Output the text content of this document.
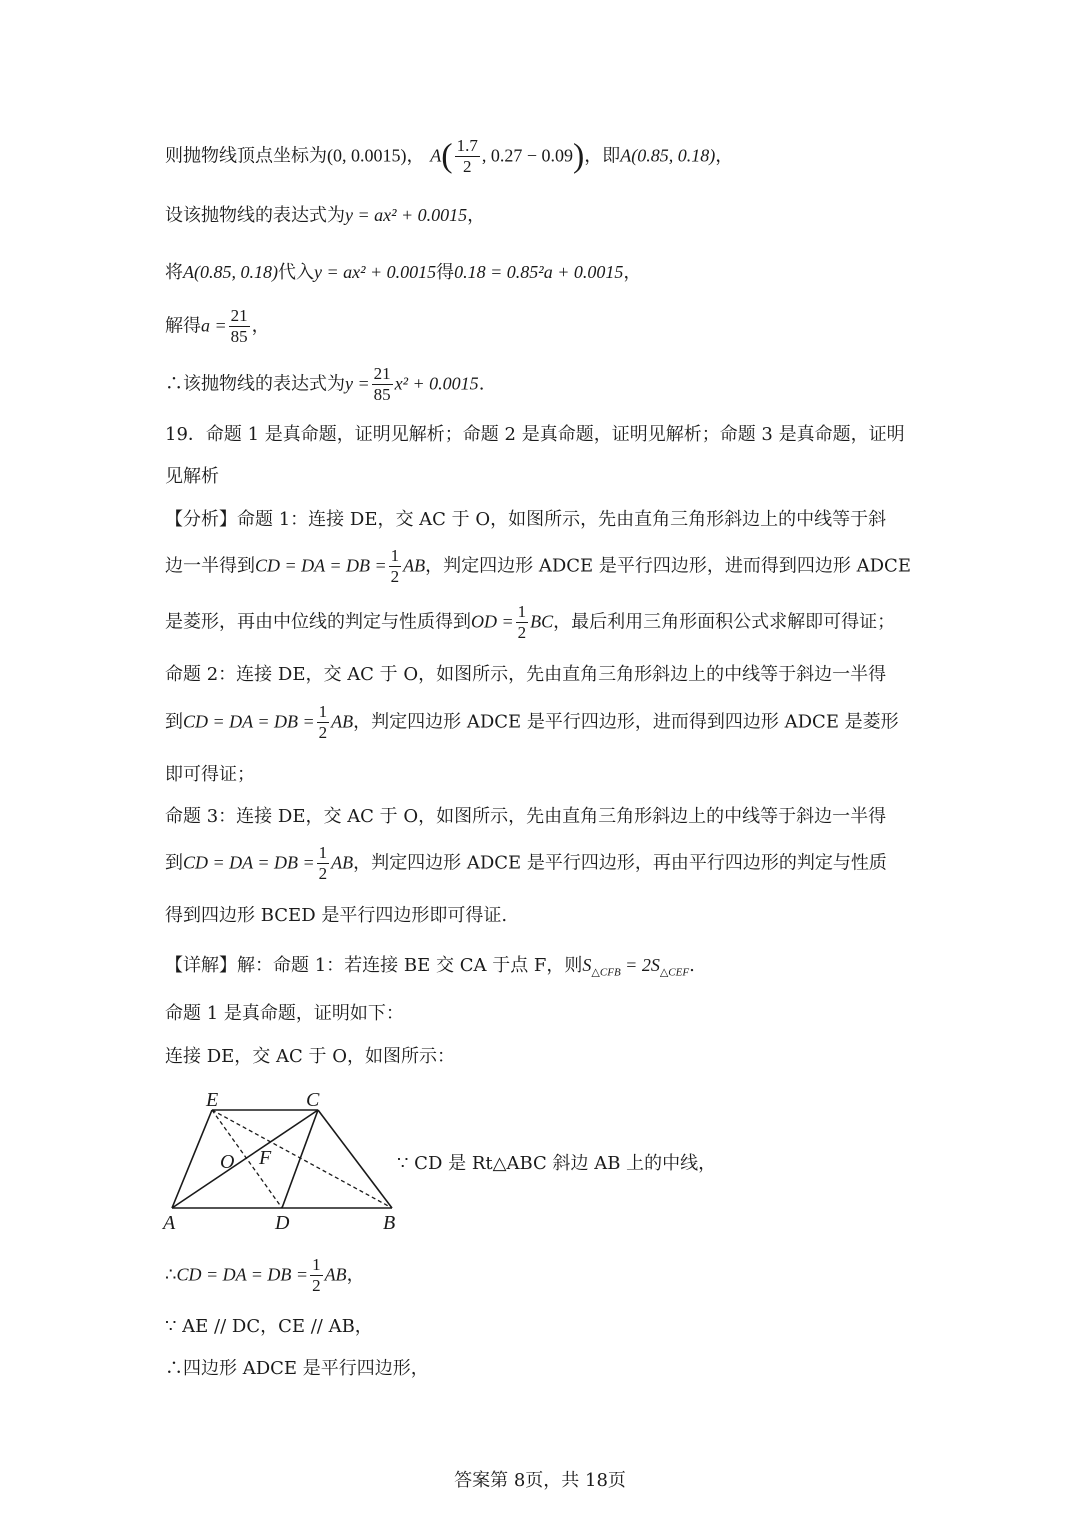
则抛物线顶点坐标为(0, 0.0015)， $A( \frac{1.7}{2}$ , 0.27 − 0.09)，即A(0.85, 0.18)，
设该抛物线的表达式为y = ax² + 0.0015，
将A(0.85, 0.18)代入y = ax² + 0.0015得0.18 = 0.85²a + 0.0015，
解得$a = \frac{21}{85}$ ，
∴该抛物线的表达式为$y = \frac{21}{85} x^2 + 0.0015$.
19．命题 1 是真命题，证明见解析；命题 2 是真命题，证明见解析；命题 3 是真命题，证明
见解析
【分析】命题 1：连接 DE，交 AC 于 O，如图所示，先由直角三角形斜边上的中线等于斜
边一半得到CD = DA = DB = $\frac{1}{2}$ AB，判定四边形 ADCE 是平行四边形，进而得到四边形 ADCE
是菱形，再由中位线的判定与性质得到OD = $\frac{1}{2}$ BC，最后利用三角形面积公式求解即可得证；
命题 2：连接 DE，交 AC 于 O，如图所示，先由直角三角形斜边上的中线等于斜边一半得
到CD = DA = DB = $\frac{1}{2}$ AB，判定四边形 ADCE 是平行四边形，进而得到四边形 ADCE 是菱形
即可得证；
命题 3：连接 DE，交 AC 于 O，如图所示，先由直角三角形斜边上的中线等于斜边一半得
到CD = DA = DB = $\frac{1}{2}$ AB，判定四边形 ADCE 是平行四边形，再由平行四边形的判定与性质
得到四边形 BCED 是平行四边形即可得证.
【详解】解：命题 1：若连接 BE 交 CA 于点 F，则$S_{\triangle CFB} = 2S_{\triangle CEF}$.
命题 1 是真命题，证明如下：
连接 DE，交 AC 于 O，如图所示：
E	C
O F
A	D	B
∵ CD 是 Rt△ABC 斜边 AB 上的中线，
∴CD = DA = DB = $\frac{1}{2}$ AB，
∵ AE // DC，CE // AB，
∴四边形 ADCE 是平行四边形，
答案第 8页，共 18页
